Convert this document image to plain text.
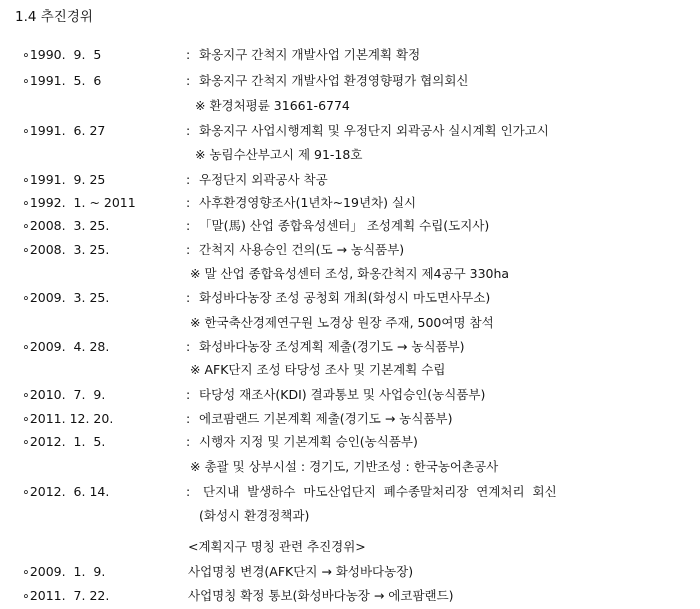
1.4 추진경위
∘1990.  9.  5	: 화옹지구 간척지 개발사업 기본계획 확정
∘1991.  5.  6	: 화옹지구 간척지 개발사업 환경영향평가 협의회신
※ 환경처평륜 31661-6774
∘1991.  6. 27	: 화옹지구 사업시행계획 및 우정단지 외곽공사 실시계획 인가고시
※ 농림수산부고시 제 91-18호
∘1991.  9. 25	: 우정단지 외곽공사 착공
∘1992.  1. ~ 2011	: 사후환경영향조사(1년차~19년차) 실시
∘2008.  3. 25.	: 「말(馬) 산업 종합육성센터」 조성계획 수립(도지사)
∘2008.  3. 25.	: 간척지 사용승인 건의(도 → 농식품부)
※ 말 산업 종합육성센터 조성, 화옹간척지 제4공구 330ha
∘2009.  3. 25.	: 화성바다농장 조성 공청회 개최(화성시 마도면사무소)
※ 한국축산경제연구원 노경상 원장 주재, 500여명 참석
∘2009.  4. 28.	: 화성바다농장 조성계획 제출(경기도 → 농식품부)
※ AFK단지 조성 타당성 조사 및 기본계획 수립
∘2010.  7.  9.	: 타당성 재조사(KDI) 결과통보 및 사업승인(농식품부)
∘2011. 12. 20.	: 에코팜랜드 기본계획 제출(경기도 → 농식품부)
∘2012.  1.  5.	: 시행자 지정 및 기본계획 승인(농식품부)
※ 총괄 및 상부시설 : 경기도, 기반조성 : 한국농어촌공사
∘2012.  6. 14.	: 단지내  발생하수  마도산업단지  폐수종말처리장  연계처리  회신
(화성시 환경정책과)
<계획지구 명칭 관련 추진경위>
∘2009.  1.  9.	사업명칭 변경(AFK단지 → 화성바다농장)
∘2011.  7. 22.	사업명칭 확정 통보(화성바다농장 → 에코팜랜드)
